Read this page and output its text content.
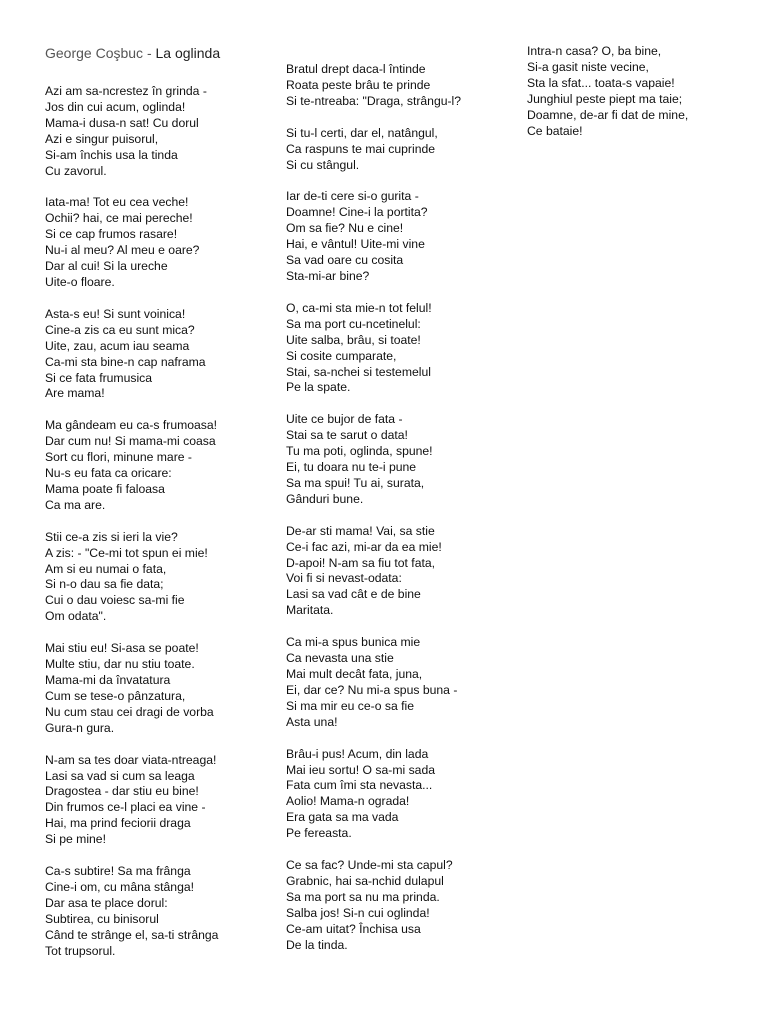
George Coşbuc - La oglinda
Azi am sa-ncrestez în grinda -
Jos din cui acum, oglinda!
Mama-i dusa-n sat! Cu dorul
Azi e singur puisorul,
Si-am închis usa la tinda
Cu zavorul.
Iata-ma! Tot eu cea veche!
Ochii? hai, ce mai pereche!
Si ce cap frumos rasare!
Nu-i al meu? Al meu e oare?
Dar al cui! Si la ureche
Uite-o floare.
Asta-s eu! Si sunt voinica!
Cine-a zis ca eu sunt mica?
Uite, zau, acum iau seama
Ca-mi sta bine-n cap naframa
Si ce fata frumusica
Are mama!
Ma gândeam eu ca-s frumoasa!
Dar cum nu! Si mama-mi coasa
Sort cu flori, minune mare -
Nu-s eu fata ca oricare:
Mama poate fi faloasa
Ca ma are.
Stii ce-a zis si ieri la vie?
A zis: - "Ce-mi tot spun ei mie!
Am si eu numai o fata,
Si n-o dau sa fie data;
Cui o dau voiesc sa-mi fie
Om odata".
Mai stiu eu! Si-asa se poate!
Multe stiu, dar nu stiu toate.
Mama-mi da învatatura
Cum se tese-o pânzatura,
Nu cum stau cei dragi de vorba
Gura-n gura.
N-am sa tes doar viata-ntreaga!
Lasi sa vad si cum sa leaga
Dragostea - dar stiu eu bine!
Din frumos ce-l placi ea vine -
Hai, ma prind feciorii draga
Si pe mine!
Ca-s subtire! Sa ma frânga
Cine-i om, cu mâna stânga!
Dar asa te place dorul:
Subtirea, cu binisorul
Când te strânge el, sa-ti strânga
Tot trupsorul.
Bratul drept daca-l întinde
Roata peste brâu te prinde
Si te-ntreaba: "Draga, strângu-l?
Si tu-l certi, dar el, natângul,
Ca raspuns te mai cuprinde
Si cu stângul.
Iar de-ti cere si-o gurita -
Doamne! Cine-i la portita?
Om sa fie? Nu e cine!
Hai, e vântul! Uite-mi vine
Sa vad oare cu cosita
Sta-mi-ar bine?
O, ca-mi sta mie-n tot felul!
Sa ma port cu-ncetinelul:
Uite salba, brâu, si toate!
Si cosite cumparate,
Stai, sa-nchei si testemelul
Pe la spate.
Uite ce bujor de fata -
Stai sa te sarut o data!
Tu ma poti, oglinda, spune!
Ei, tu doara nu te-i pune
Sa ma spui! Tu ai, surata,
Gânduri bune.
De-ar sti mama! Vai, sa stie
Ce-i fac azi, mi-ar da ea mie!
D-apoi! N-am sa fiu tot fata,
Voi fi si nevast-odata:
Lasi sa vad cât e de bine
Maritata.
Ca mi-a spus bunica mie
Ca nevasta una stie
Mai mult decât fata, juna,
Ei, dar ce? Nu mi-a spus buna -
Si ma mir eu ce-o sa fie
Asta una!
Brâu-i pus! Acum, din lada
Mai ieu sortu! O sa-mi sada
Fata cum îmi sta nevasta...
Aolio! Mama-n ograda!
Era gata sa ma vada
Pe fereasta.
Ce sa fac? Unde-mi sta capul?
Grabnic, hai sa-nchid dulapul
Sa ma port sa nu ma prinda.
Salba jos! Si-n cui oglinda!
Ce-am uitat? Închisa usa
De la tinda.
Intra-n casa? O, ba bine,
Si-a gasit niste vecine,
Sta la sfat... toata-s vapaie!
Junghiul peste piept ma taie;
Doamne, de-ar fi dat de mine,
Ce bataie!
